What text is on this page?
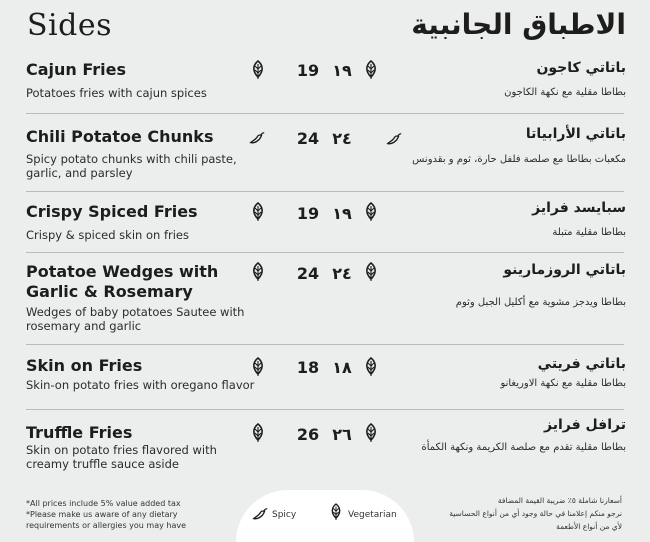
Sides	الاطباق الجانبية
Cajun Fries
Potatoes fries with cajun spices
19 ١٩	باتاتي كاجون
بطاطا مقلية مع نكهة الكاجون
Chili Potatoe Chunks
Spicy potato chunks with chili paste, garlic, and parsley
24 ٢٤	باتاتي الأرابياتا
مكعبات بطاطا مع صلصة فلفل حارة، ثوم و بقدونس
Crispy Spiced Fries
Crispy & spiced skin on fries
19 ١٩	سبايسد فرايز
بطاطا مقلية متبلة
Potatoe Wedges with Garlic & Rosemary
Wedges of baby potatoes Sautee with rosemary and garlic
24 ٢٤	باتاتي الروزمارينو
بطاطا ويدجز مشوية مع أكليل الجبل وثوم
Skin on Fries
Skin-on potato fries with oregano flavor
18 ١٨	باتاتي فريتي
بطاطا مقلية مع نكهة الاوريغانو
Truffle Fries
Skin on potato fries flavored with creamy truffle sauce aside
26 ٢٦	ترافل فرايز
بطاطا مقلية تقدم مع صلصة الكريمة ونكهة الكمأة
*All prices include 5% value added tax
*Please make us aware of any dietary requirements or allergies you may have
Spicy	Vegetarian
أسعارنا شاملة ٥٪ ضريبة القيمة المضافة
نرجو منكم إعلامنا في حالة وجود أي من أنواع الحساسية
لأي من أنواع الأطعمة
